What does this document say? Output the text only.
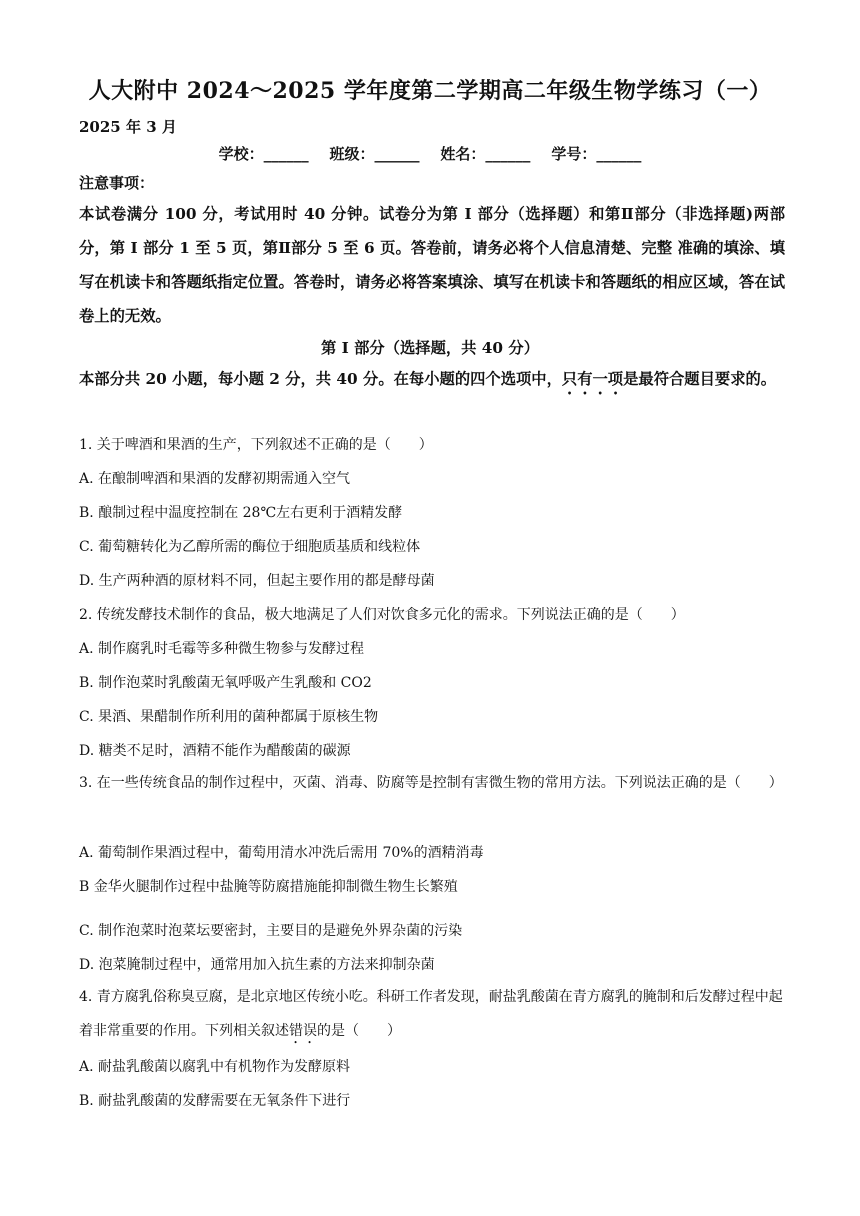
人大附中 2024～2025 学年度第二学期高二年级生物学练习（一）
2025 年 3 月
学校：______    班级：______    姓名：______    学号：______
注意事项：
本试卷满分 100 分，考试用时 40 分钟。试卷分为第 I 部分（选择题）和第Ⅱ部分（非选择题)两部分，第 I 部分 1 至 5 页，第Ⅱ部分 5 至 6 页。答卷前，请务必将个人信息清楚、完整 准确的填涂、填写在机读卡和答题纸指定位置。答卷时，请务必将答案填涂、填写在机读卡和答题纸的相应区域，答在试卷上的无效。
第 I 部分（选择题，共 40 分）
本部分共 20 小题，每小题 2 分，共 40 分。在每小题的四个选项中，只有一项是最符合题目要求的。
1. 关于啤酒和果酒的生产，下列叙述不正确的是（　　）
A. 在酿制啤酒和果酒的发酵初期需通入空气
B. 酿制过程中温度控制在 28℃左右更利于酒精发酵
C. 葡萄糖转化为乙醇所需的酶位于细胞质基质和线粒体
D. 生产两种酒的原材料不同，但起主要作用的都是酵母菌
2. 传统发酵技术制作的食品，极大地满足了人们对饮食多元化的需求。下列说法正确的是（　　）
A. 制作腐乳时毛霉等多种微生物参与发酵过程
B. 制作泡菜时乳酸菌无氧呼吸产生乳酸和 CO2
C. 果酒、果醋制作所利用的菌种都属于原核生物
D. 糖类不足时，酒精不能作为醋酸菌的碳源
3. 在一些传统食品的制作过程中，灭菌、消毒、防腐等是控制有害微生物的常用方法。下列说法正确的是（　　）
A. 葡萄制作果酒过程中，葡萄用清水冲洗后需用 70%的酒精消毒
B 金华火腿制作过程中盐腌等防腐措施能抑制微生物生长繁殖
C. 制作泡菜时泡菜坛要密封，主要目的是避免外界杂菌的污染
D. 泡菜腌制过程中，通常用加入抗生素的方法来抑制杂菌
4. 青方腐乳俗称臭豆腐，是北京地区传统小吃。科研工作者发现，耐盐乳酸菌在青方腐乳的腌制和后发酵过程中起着非常重要的作用。下列相关叙述错误的是（　　）
A. 耐盐乳酸菌以腐乳中有机物作为发酵原料
B. 耐盐乳酸菌的发酵需要在无氧条件下进行
